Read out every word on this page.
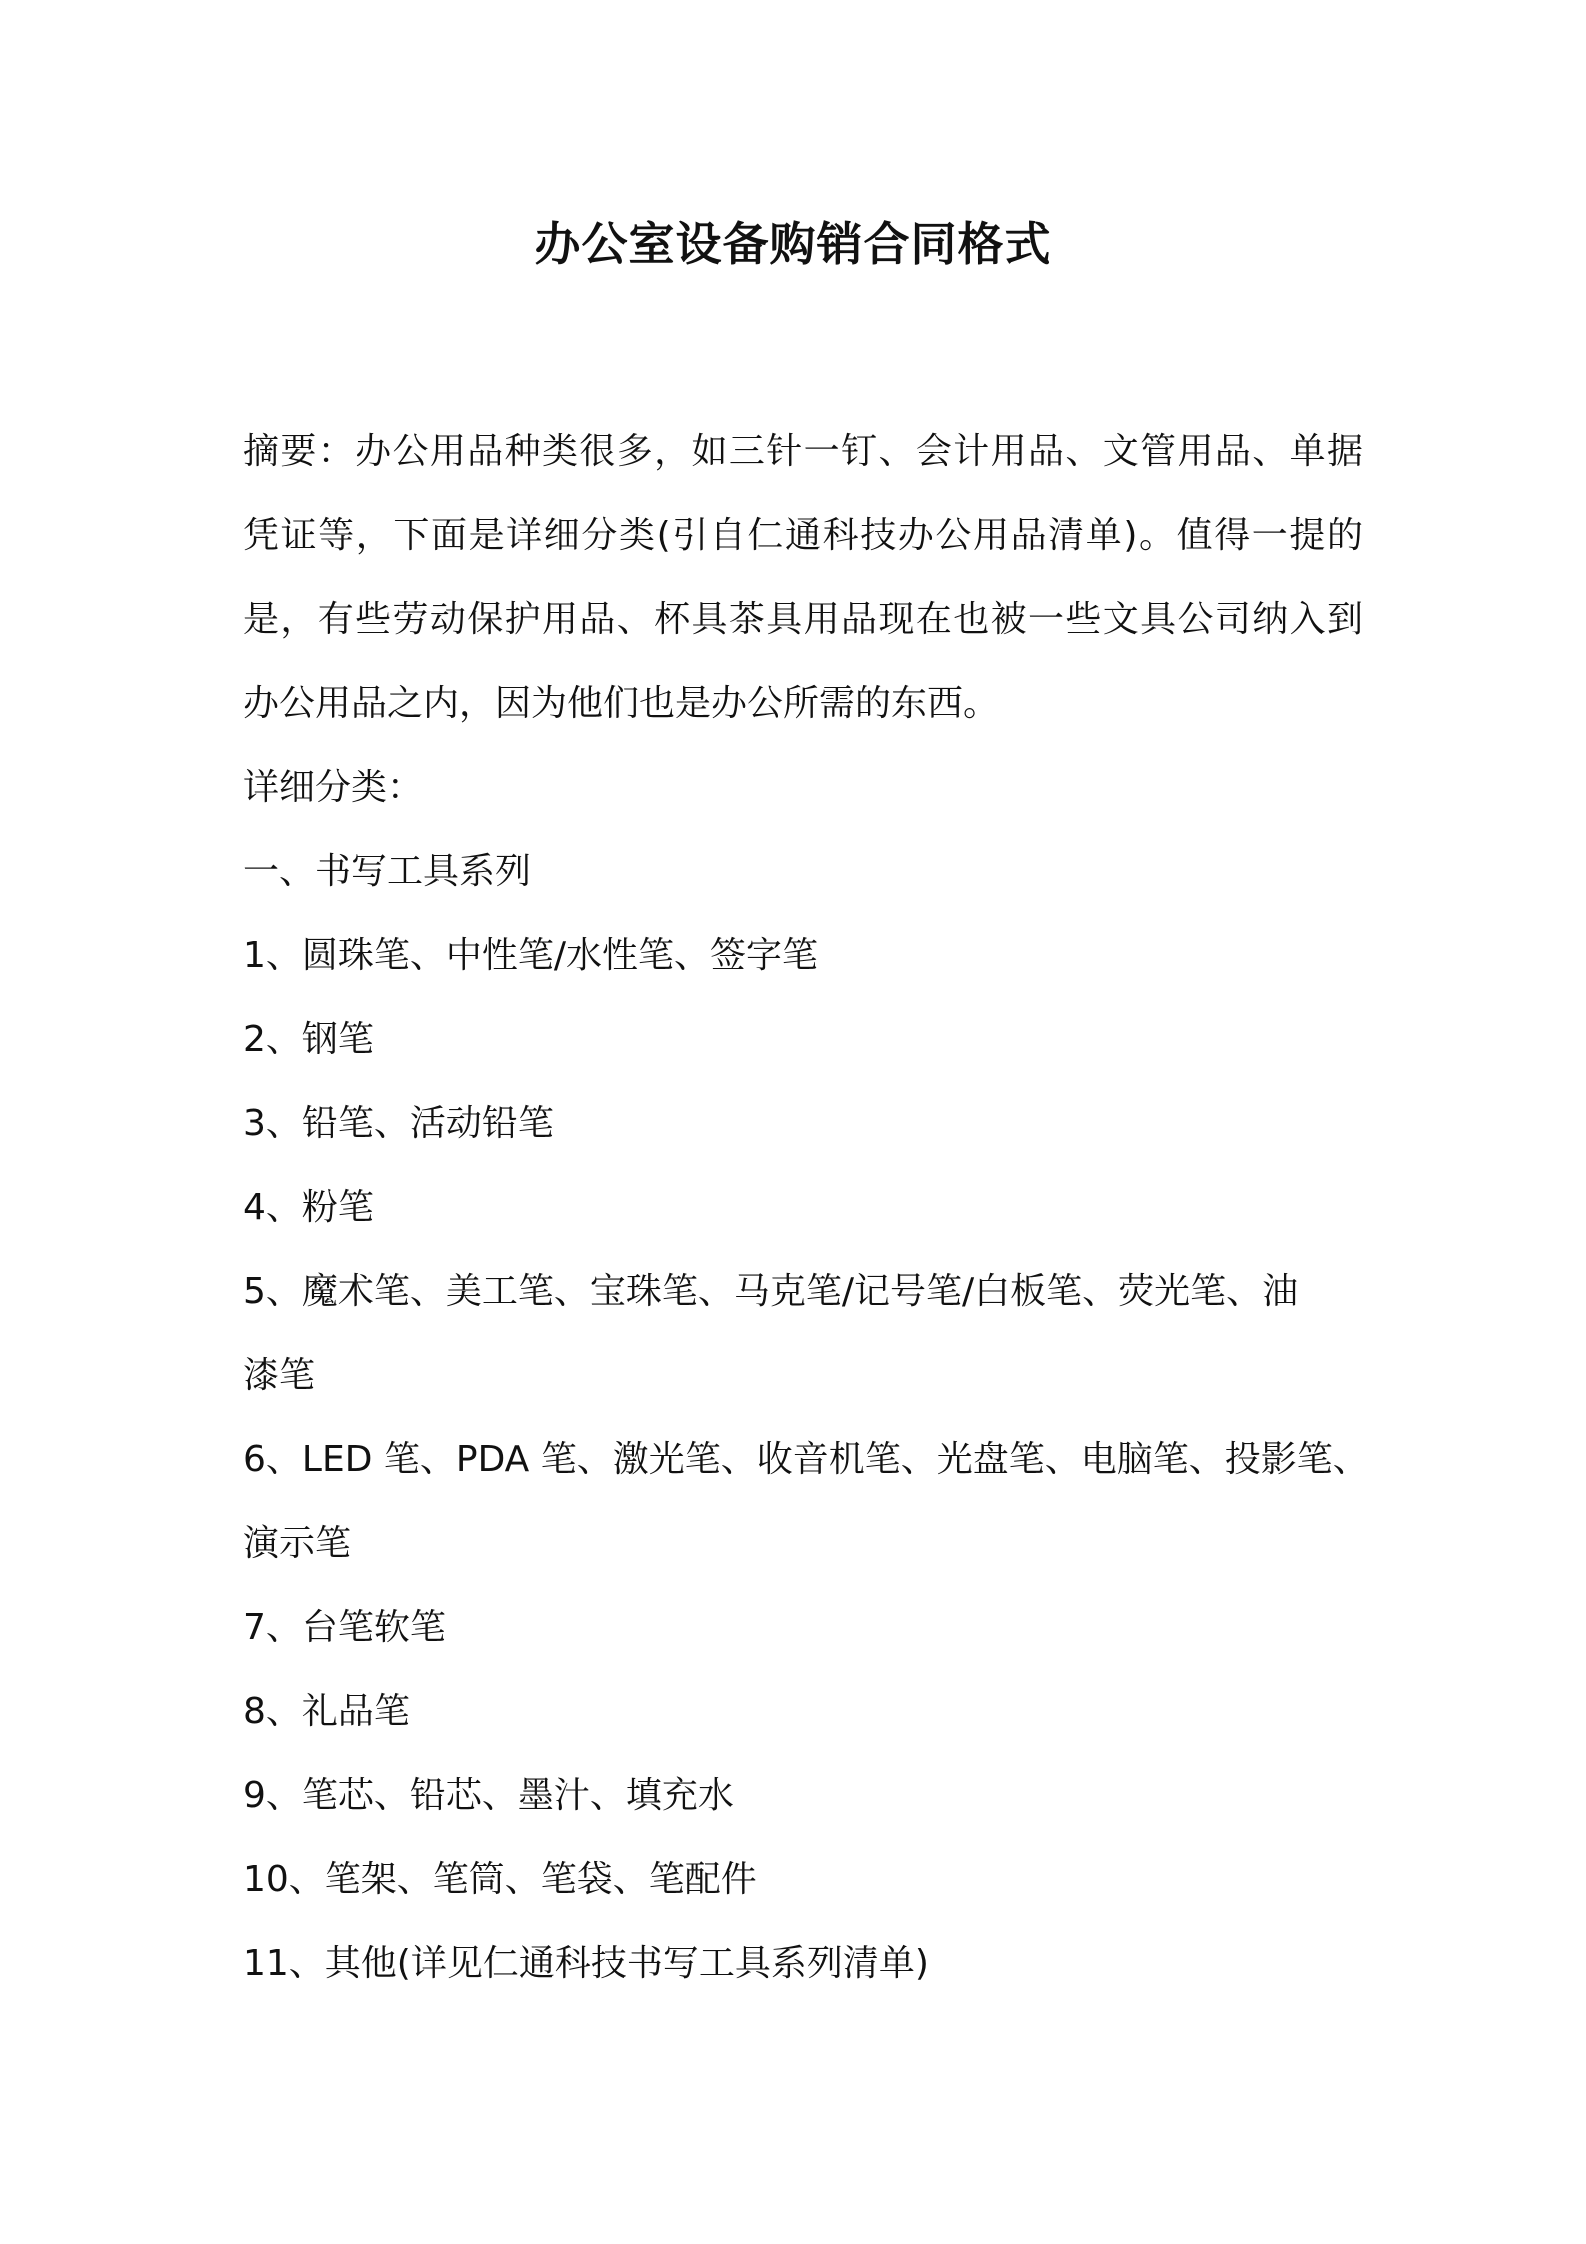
办公室设备购销合同格式
摘要：办公用品种类很多，如三针一钉、会计用品、文管用品、单据
凭证等，下面是详细分类(引自仁通科技办公用品清单)。值得一提的
是，有些劳动保护用品、杯具茶具用品现在也被一些文具公司纳入到
办公用品之内，因为他们也是办公所需的东西。
详细分类：
一、书写工具系列
1、圆珠笔、中性笔/水性笔、签字笔
2、钢笔
3、铅笔、活动铅笔
4、粉笔
5、魔术笔、美工笔、宝珠笔、马克笔/记号笔/白板笔、荧光笔、油
漆笔
6、LED 笔、PDA 笔、激光笔、收音机笔、光盘笔、电脑笔、投影笔、
演示笔
7、台笔软笔
8、礼品笔
9、笔芯、铅芯、墨汁、填充水
10、笔架、笔筒、笔袋、笔配件
11、其他(详见仁通科技书写工具系列清单)
